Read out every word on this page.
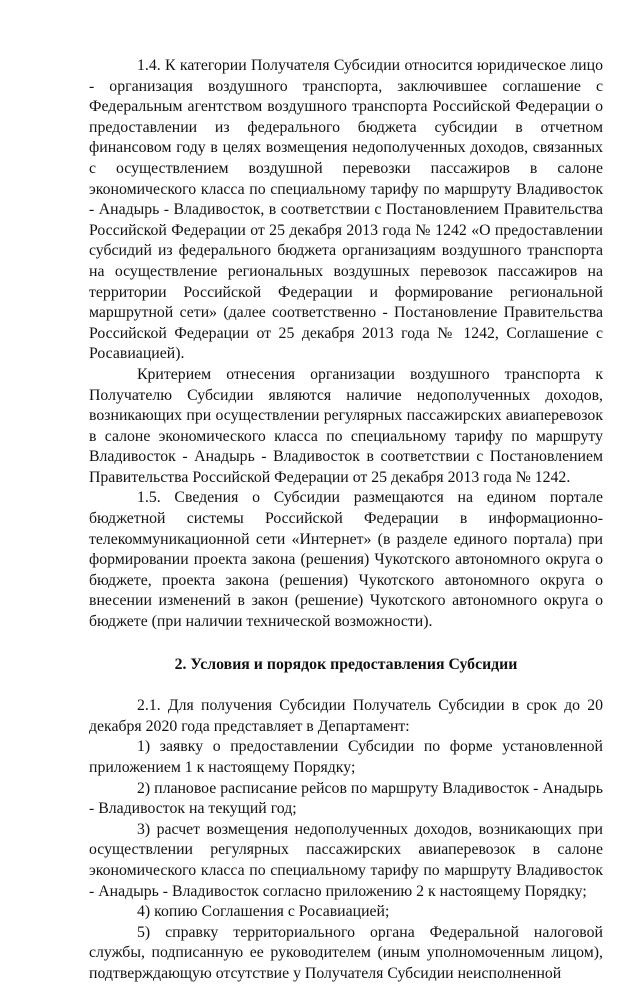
1.4. К категории Получателя Субсидии относится юридическое лицо - организация воздушного транспорта, заключившее соглашение с Федеральным агентством воздушного транспорта Российской Федерации о предоставлении из федерального бюджета субсидии в отчетном финансовом году в целях возмещения недополученных доходов, связанных с осуществлением воздушной перевозки пассажиров в салоне экономического класса по специальному тарифу по маршруту Владивосток - Анадырь - Владивосток, в соответствии с Постановлением Правительства Российской Федерации от 25 декабря 2013 года № 1242 «О предоставлении субсидий из федерального бюджета организациям воздушного транспорта на осуществление региональных воздушных перевозок пассажиров на территории Российской Федерации и формирование региональной маршрутной сети» (далее соответственно - Постановление Правительства Российской Федерации от 25 декабря 2013 года № 1242, Соглашение с Росавиацией).

Критерием отнесения организации воздушного транспорта к Получателю Субсидии являются наличие недополученных доходов, возникающих при осуществлении регулярных пассажирских авиаперевозок в салоне экономического класса по специальному тарифу по маршруту Владивосток - Анадырь - Владивосток в соответствии с Постановлением Правительства Российской Федерации от 25 декабря 2013 года № 1242.

1.5. Сведения о Субсидии размещаются на едином портале бюджетной системы Российской Федерации в информационно-телекоммуникационной сети «Интернет» (в разделе единого портала) при формировании проекта закона (решения) Чукотского автономного округа о бюджете, проекта закона (решения) Чукотского автономного округа о внесении изменений в закон (решение) Чукотского автономного округа о бюджете (при наличии технической возможности).

2. Условия и порядок предоставления Субсидии

2.1. Для получения Субсидии Получатель Субсидии в срок до 20 декабря 2020 года представляет в Департамент:

1) заявку о предоставлении Субсидии по форме установленной приложением 1 к настоящему Порядку;

2) плановое расписание рейсов по маршруту Владивосток - Анадырь - Владивосток на текущий год;

3) расчет возмещения недополученных доходов, возникающих при осуществлении регулярных пассажирских авиаперевозок в салоне экономического класса по специальному тарифу по маршруту Владивосток - Анадырь - Владивосток согласно приложению 2 к настоящему Порядку;

4) копию Соглашения с Росавиацией;

5) справку территориального органа Федеральной налоговой службы, подписанную ее руководителем (иным уполномоченным лицом), подтверждающую отсутствие у Получателя Субсидии неисполненной
